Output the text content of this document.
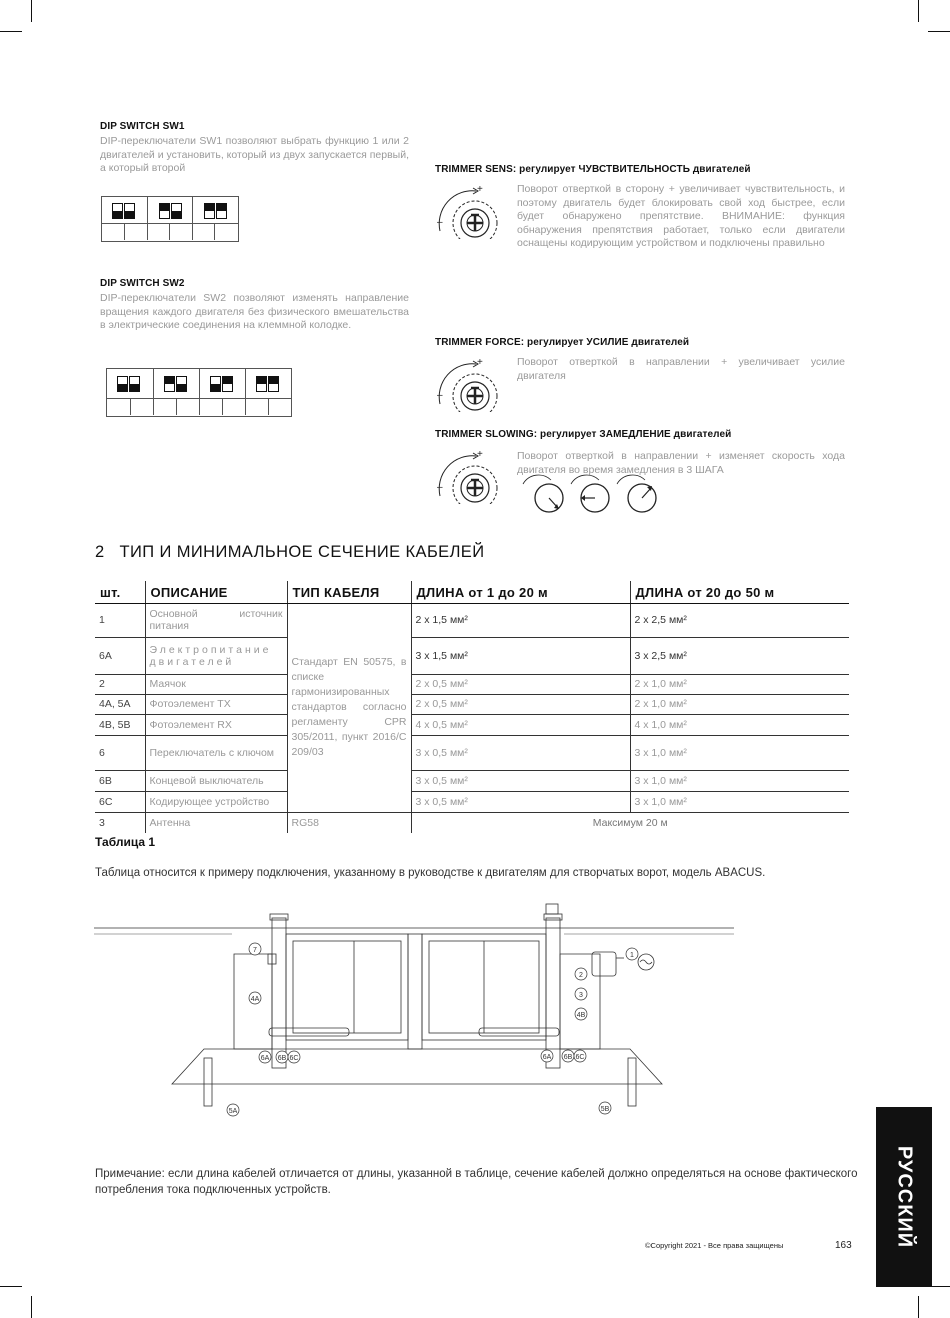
DIP SWITCH SW1
DIP-переключатели SW1 позволяют выбрать функцию 1 или 2 двигателей и установить, который из двух запускается первый, а который второй
DIP SWITCH SW2
DIP-переключатели SW2 позволяют изменять направление вращения каждого двигателя без физического вмешательства в электрические соединения на клеммной колодке.
TRIMMER SENS: регулирует ЧУВСТВИТЕЛЬНОСТЬ двигателей
+
–
Поворот отверткой в сторону + увеличивает чувствительность, и поэтому двигатель будет блокировать свой ход быстрее, если будет обнаружено препятствие. ВНИМАНИЕ: функция обнаружения препятствия работает, только если двигатели оснащены кодирующим устройством и подключены правильно
TRIMMER FORCE: регулирует УСИЛИЕ двигателей
+
–
Поворот отверткой в направлении + увеличивает усилие двигателя
TRIMMER SLOWING: регулирует ЗАМЕДЛЕНИЕ двигателей
+
–
Поворот отверткой в направлении + изменяет скорость хода двигателя во время замедления в 3 ШАГА
2 ТИП И МИНИМАЛЬНОЕ СЕЧЕНИЕ КАБЕЛЕЙ
шт.	ОПИСАНИЕ	ТИП КАБЕЛЯ	ДЛИНА от 1 до 20 м	ДЛИНА от 20 до 50 м
1	Основной источник питания	Стандарт EN 50575, в списке гармонизированных стандартов согласно регламенту CPR 305/2011, пункт 2016/С 209/03	2 х 1,5 мм²	2 х 2,5 мм²
6A	Электропитание двигателей		3 х 1,5 мм²	3 х 2,5 мм²
2	Маячок		2 х 0,5 мм²	2 х 1,0 мм²
4A, 5A	Фотоэлемент ТХ		2 х 0,5 мм²	2 х 1,0 мм²
4B, 5B	Фотоэлемент RX		4 х 0,5 мм²	4 х 1,0 мм²
6	Переключатель с ключом		3 х 0,5 мм²	3 х 1,0 мм²
6B	Концевой выключатель		3 х 0,5 мм²	3 х 1,0 мм²
6C	Кодирующее устройство		3 х 0,5 мм²	3 х 1,0 мм²
3	Антенна	RG58	Максимум 20 м	
Таблица 1
Таблица относится к примеру подключения, указанному в руководстве к двигателям для створчатых ворот, модель ABACUS.
7
4A
6A 6B 6C
5A
1
2
3
4B
6A 6B 6C
5B
Примечание: если длина кабелей отличается от длины, указанной в таблице, сечение кабелей должно определяться на основе фактического потребления тока подключенных устройств.
©Copyright 2021 - Все права защищены	163 РУССКИЙ
